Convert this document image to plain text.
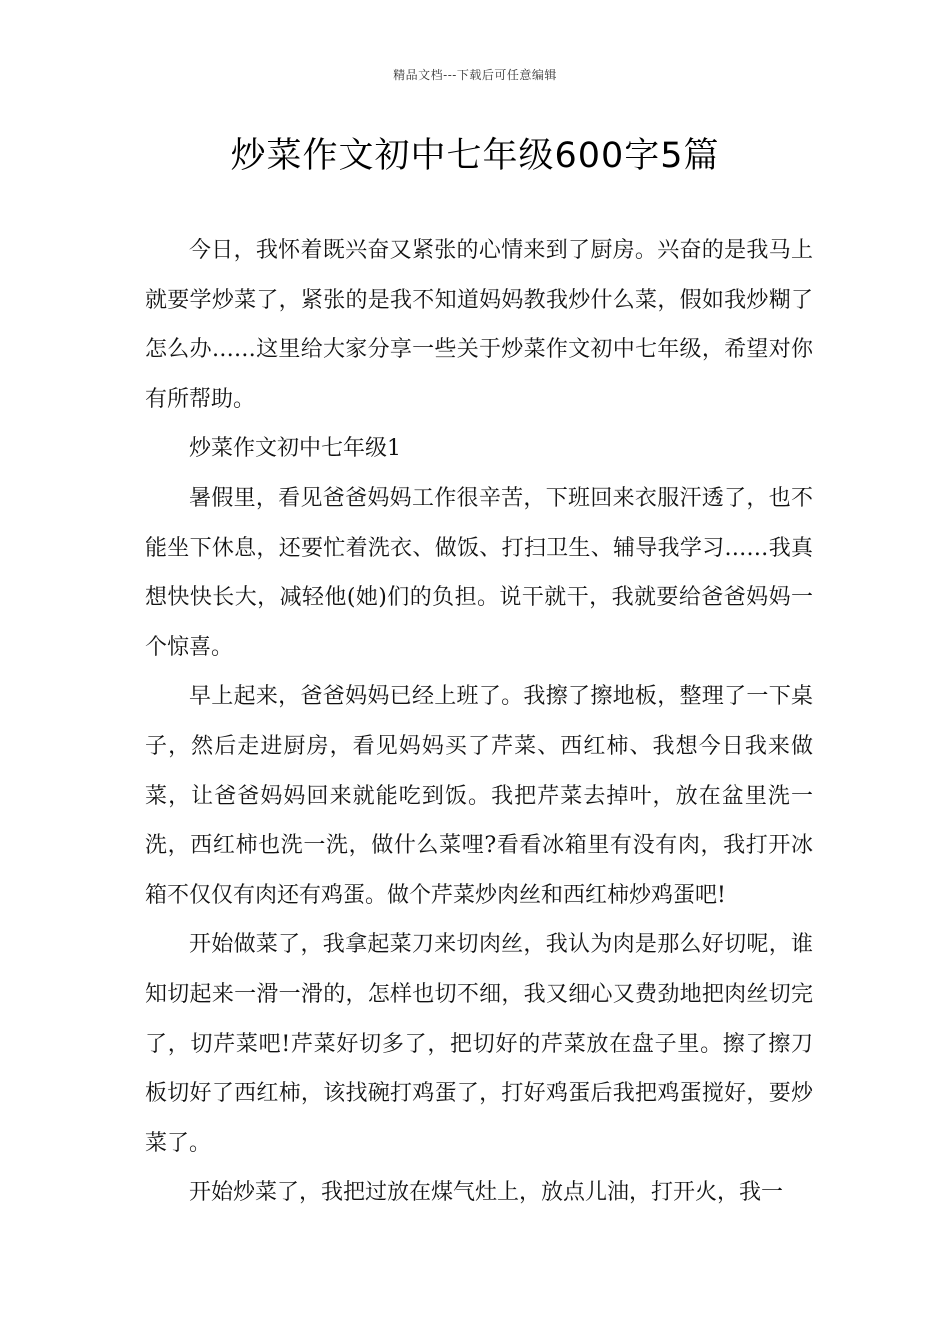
精品文档---下载后可任意编辑
炒菜作文初中七年级600字5篇

今日，我怀着既兴奋又紧张的心情来到了厨房。兴奋的是我马上就要学炒菜了，紧张的是我不知道妈妈教我炒什么菜，假如我炒糊了怎么办……这里给大家分享一些关于炒菜作文初中七年级，希望对你有所帮助。

炒菜作文初中七年级1

暑假里，看见爸爸妈妈工作很辛苦，下班回来衣服汗透了，也不能坐下休息，还要忙着洗衣、做饭、打扫卫生、辅导我学习……我真想快快长大，减轻他(她)们的负担。说干就干，我就要给爸爸妈妈一个惊喜。

早上起来，爸爸妈妈已经上班了。我擦了擦地板，整理了一下桌子，然后走进厨房，看见妈妈买了芹菜、西红柿、我想今日我来做菜，让爸爸妈妈回来就能吃到饭。我把芹菜去掉叶，放在盆里洗一洗，西红柿也洗一洗，做什么菜哩?看看冰箱里有没有肉，我打开冰箱不仅仅有肉还有鸡蛋。做个芹菜炒肉丝和西红柿炒鸡蛋吧!

开始做菜了，我拿起菜刀来切肉丝，我认为肉是那么好切呢，谁知切起来一滑一滑的，怎样也切不细，我又细心又费劲地把肉丝切完了，切芹菜吧!芹菜好切多了，把切好的芹菜放在盘子里。擦了擦刀板切好了西红柿，该找碗打鸡蛋了，打好鸡蛋后我把鸡蛋搅好，要炒菜了。

开始炒菜了，我把过放在煤气灶上，放点儿油，打开火，我一
